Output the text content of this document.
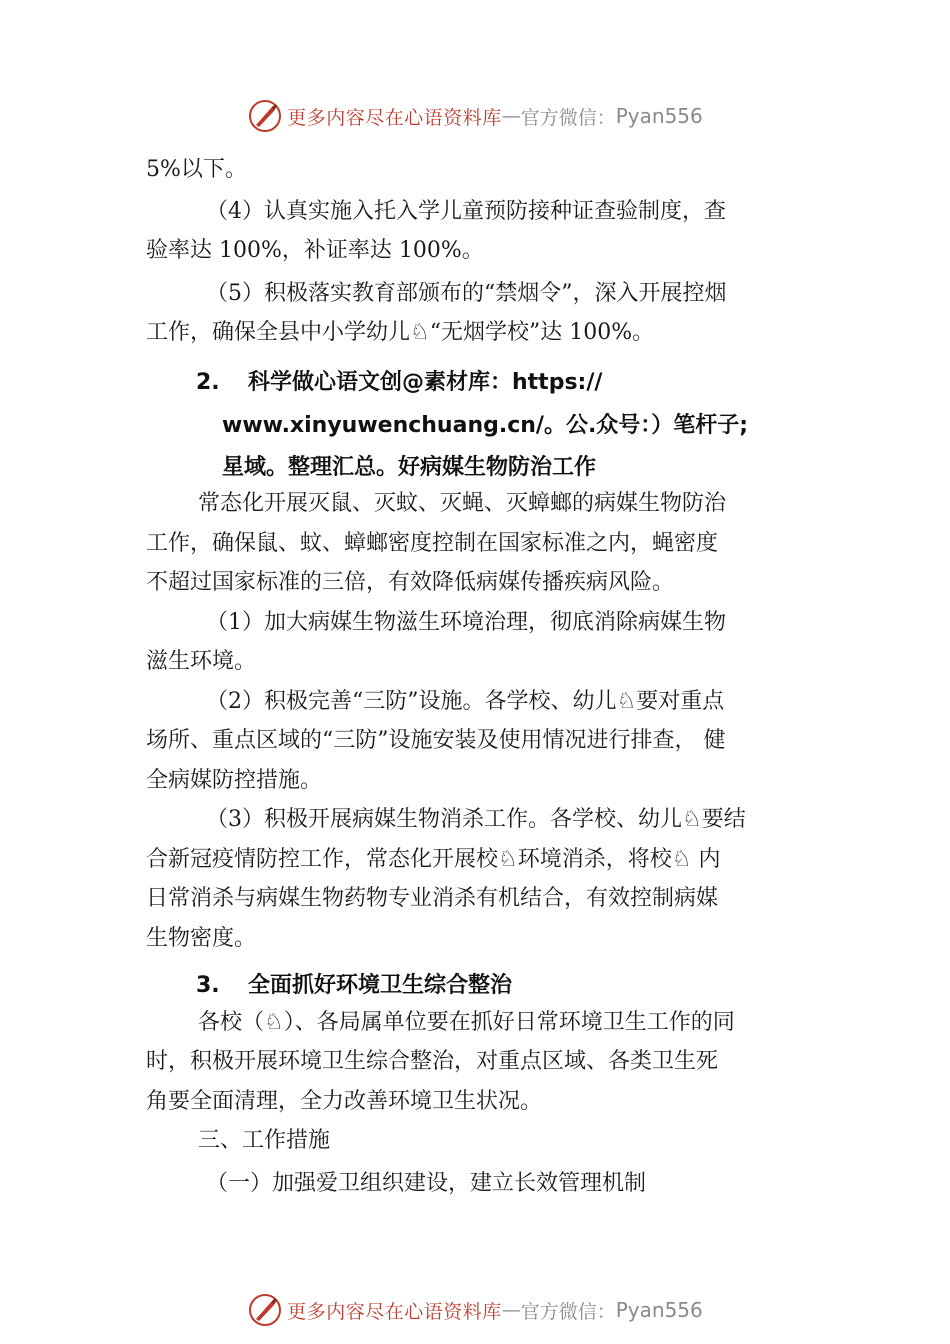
更多内容尽在心语资料库 — 官方微信： Pyan556
5%以下。
（4）认真实施入托入学儿童预防接种证查验制度，查
验率达 100%，补证率达 100%。
（5）积极落实教育部颁布的“禁烟令”，深入开展控烟
工作，确保全县中小学幼儿♘“无烟学校”达 100%。
2. 科学做心语文创@素材库：https://
www.xinyuwenchuang.cn/。公.众号：）笔杆子;
星域。整理汇总。好病媒生物防治工作
常态化开展灭鼠、灭蚊、灭蝇、灭蟑螂的病媒生物防治
工作，确保鼠、蚊、蟑螂密度控制在国家标准之内，蝇密度
不超过国家标准的三倍，有效降低病媒传播疾病风险。
（1）加大病媒生物滋生环境治理，彻底消除病媒生物
滋生环境。
（2）积极完善“三防”设施。各学校、幼儿♘要对重点
场所、重点区域的“三防”设施安装及使用情况进行排查， 健
全病媒防控措施。
（3）积极开展病媒生物消杀工作。各学校、幼儿♘要结
合新冠疫情防控工作，常态化开展校♘环境消杀，将校♘ 内
日常消杀与病媒生物药物专业消杀有机结合，有效控制病媒
生物密度。
3. 全面抓好环境卫生综合整治
各校（♘）、各局属单位要在抓好日常环境卫生工作的同
时，积极开展环境卫生综合整治，对重点区域、各类卫生死
角要全面清理，全力改善环境卫生状况。
三、工作措施
（一）加强爱卫组织建设，建立长效管理机制
更多内容尽在心语资料库 — 官方微信： Pyan556
